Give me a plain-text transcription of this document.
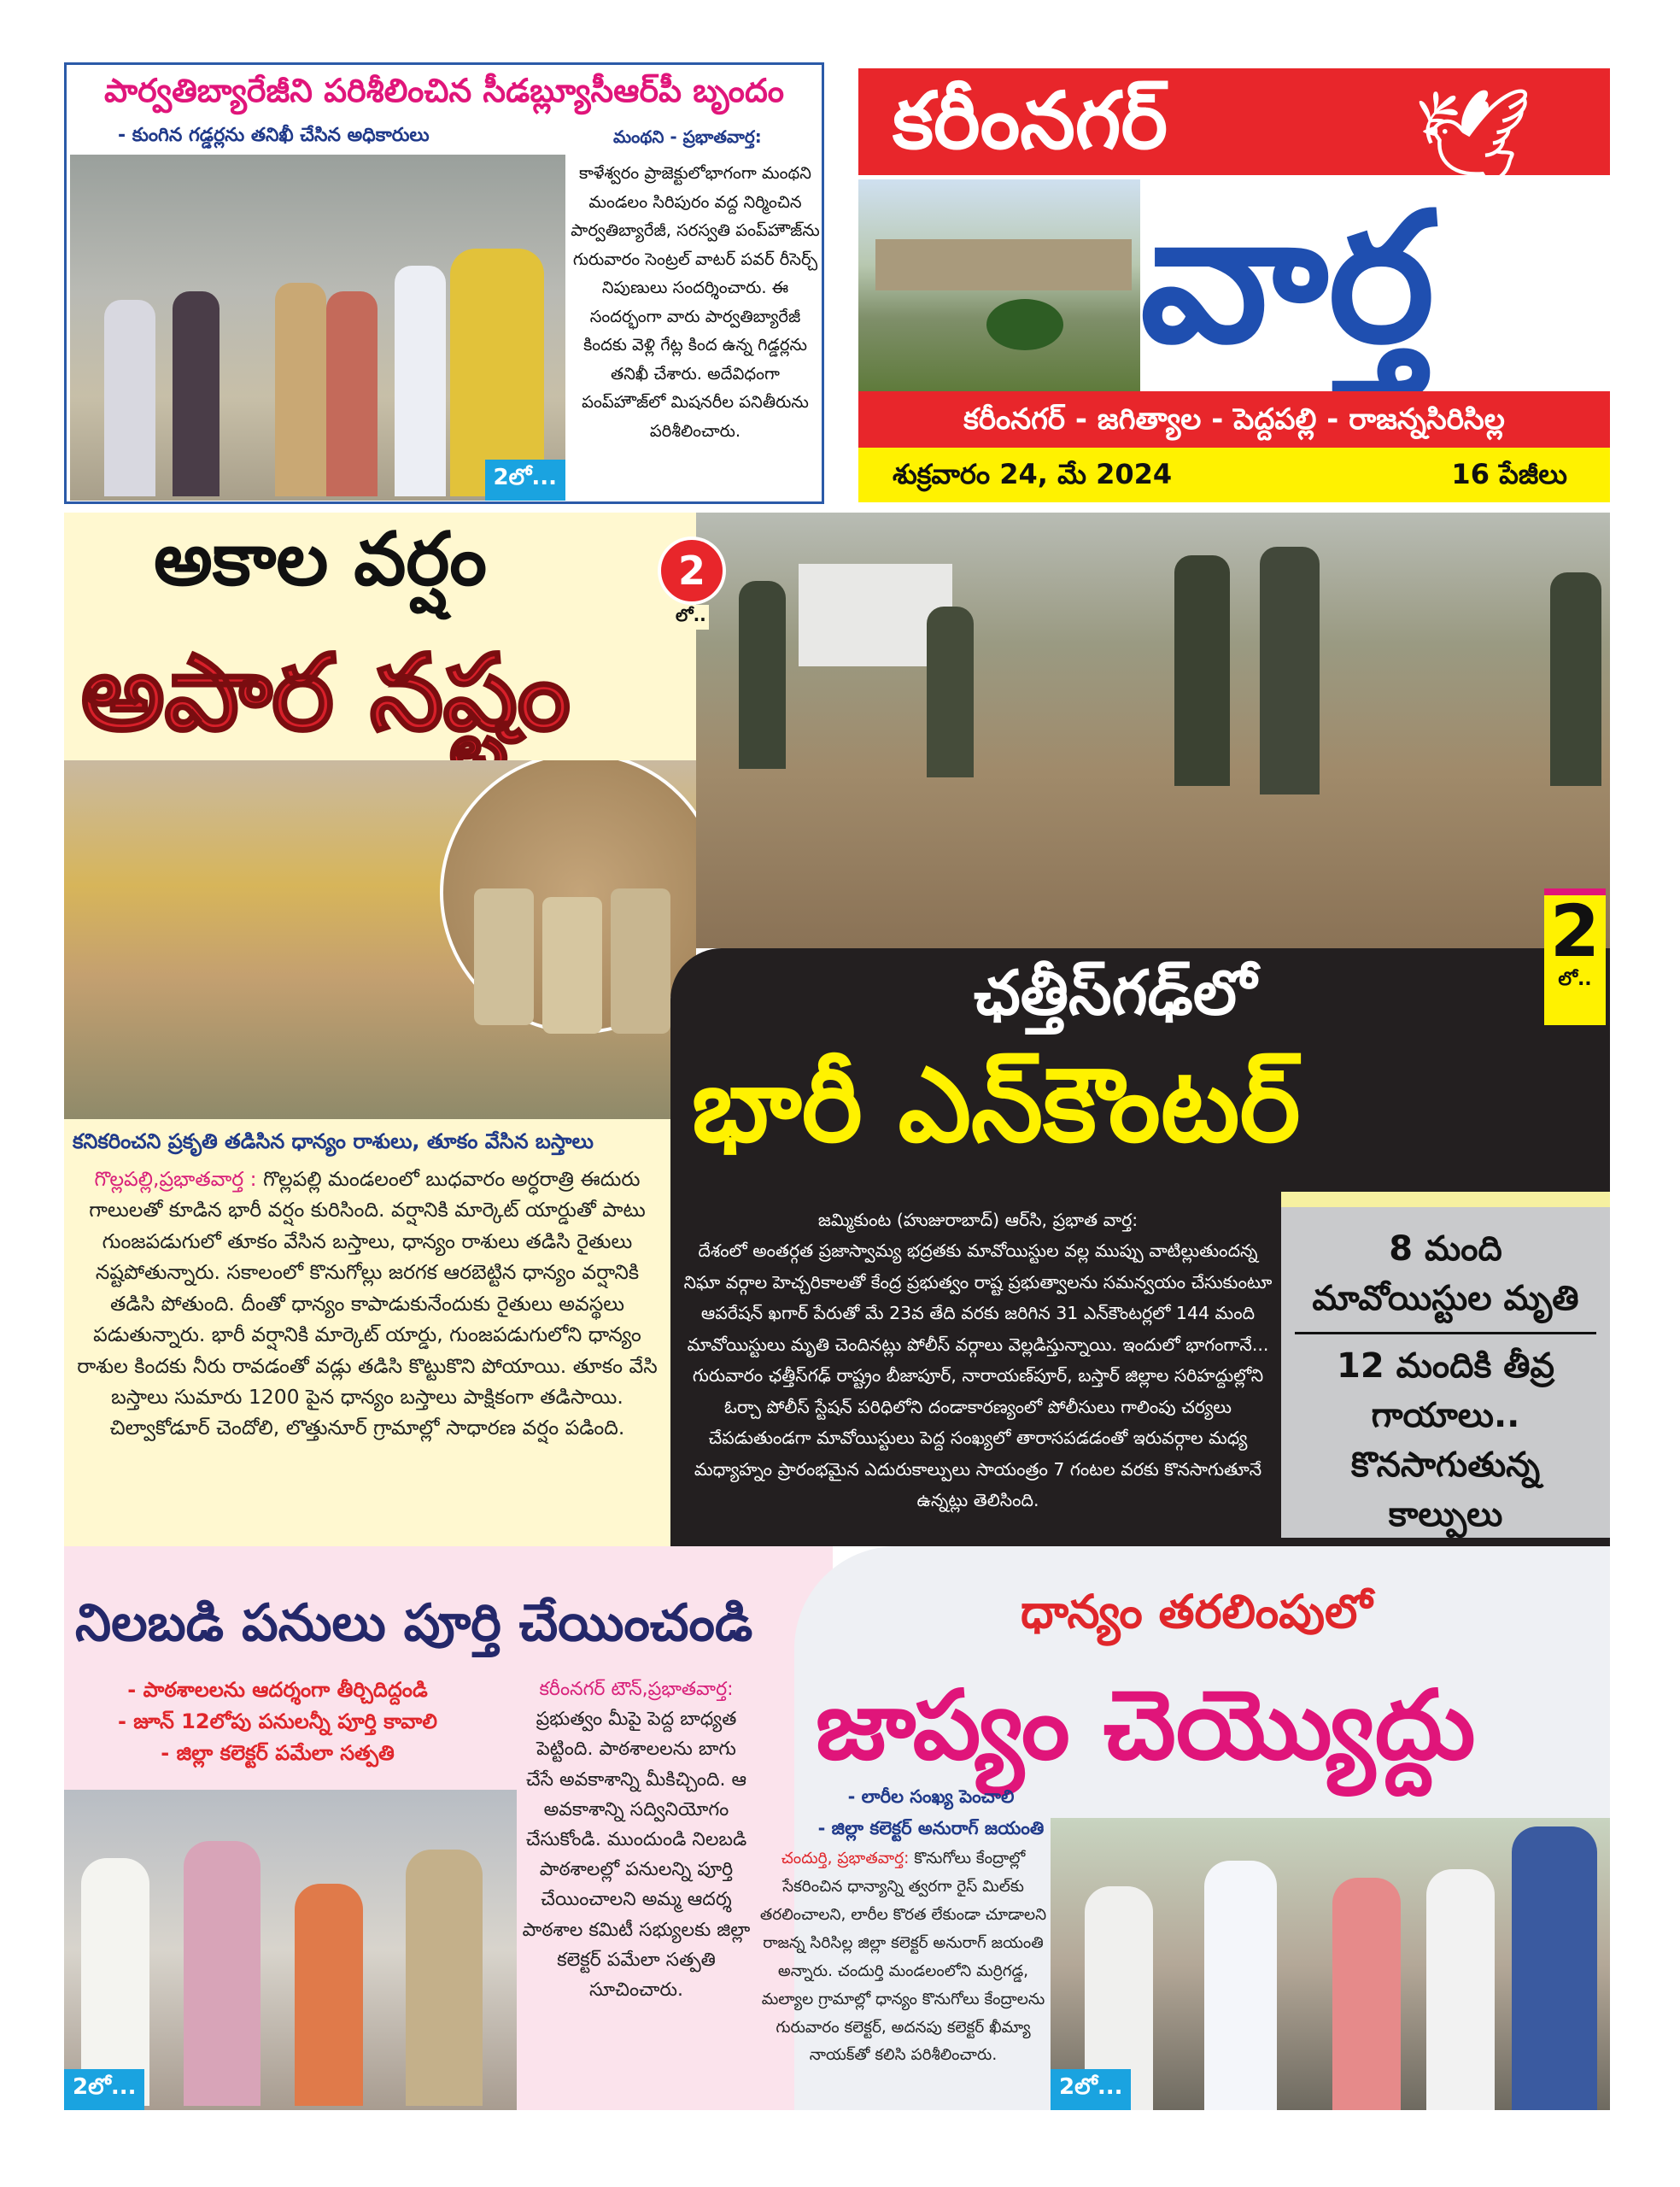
పార్వతిబ్యారేజీని పరిశీలించిన సీడబ్ల్యూసీఆర్‌పీ బృందం
- కుంగిన గడ్డర్లను తనిఖీ చేసిన అధికారులు	మంథని - ప్రభాతవార్త:
2లో...
కాళేశ్వరం ప్రాజెక్టులోభాగంగా మంథని మండలం సిరిపురం వద్ద నిర్మించిన పార్వతిబ్యారేజీ, సరస్వతి పంప్‌హౌజ్‌ను గురువారం సెంట్రల్ వాటర్ పవర్ రీసెర్చ్ నిపుణులు సందర్శించారు. ఈ సందర్భంగా వారు పార్వతిబ్యారేజీ కిందకు వెళ్లి గేట్ల కింద ఉన్న గిడ్డర్లను తనిఖీ చేశారు. అదేవిధంగా పంప్‌హౌజ్‌లో మిషనరీల పనితీరును పరిశీలించారు.
కరీంనగర్	🕊
వార్త
కరీంనగర్ - జగిత్యాల - పెద్దపల్లి - రాజన్నసిరిసిల్ల
శుక్రవారం 24, మే 2024	16 పేజీలు
అకాల వర్షం
అపార నష్టం
కనికరించని ప్రకృతి తడిసిన ధాన్యం రాశులు, తూకం వేసిన బస్తాలు
గొల్లపల్లి,ప్రభాతవార్త : గొల్లపల్లి మండలంలో బుధవారం అర్ధరాత్రి ఈదురు గాలులతో కూడిన భారీ వర్షం కురిసింది. వర్షానికి మార్కెట్ యార్డుతో పాటు గుంజపడుగులో తూకం వేసిన బస్తాలు, ధాన్యం రాశులు తడిసి రైతులు నష్టపోతున్నారు. సకాలంలో కొనుగోల్లు జరగక ఆరబెట్టిన ధాన్యం వర్షానికి తడిసి పోతుంది. దీంతో ధాన్యం కాపాడుకునేందుకు రైతులు అవస్థలు పడుతున్నారు. భారీ వర్షానికి మార్కెట్ యార్డు, గుంజపడుగులోని ధాన్యం రాశుల కిందకు నీరు రావడంతో వడ్లు తడిసి కొట్టుకొని పోయాయి. తూకం వేసి బస్తాలు సుమారు 1200 పైన ధాన్యం బస్తాలు పాక్షికంగా తడిసాయి. చిల్వాకోడూర్ చెందోలి, లొత్తునూర్ గ్రామాల్లో సాధారణ వర్షం పడింది.
ఛత్తీస్‌గఢ్‌లో
భారీ ఎన్‌కౌంటర్
జమ్మికుంట (హుజురాబాద్) ఆర్‌సి, ప్రభాత వార్త:
దేశంలో అంతర్గత ప్రజాస్వామ్య భద్రతకు మావోయిస్టుల వల్ల ముప్పు వాటిల్లుతుందన్న నిఘా వర్గాల హెచ్చరికాలతో కేంద్ర ప్రభుత్వం రాష్ట ప్రభుత్వాలను సమన్వయం చేసుకుంటూ ఆపరేషన్ ఖగార్ పేరుతో మే 23వ తేది వరకు జరిగిన 31 ఎన్‌కౌంటర్లలో 144 మంది మావోయిస్టులు మృతి చెందినట్లు పోలీస్ వర్గాలు వెల్లడిస్తున్నాయి. ఇందులో భాగంగానే... గురువారం ఛత్తీస్‌గఢ్ రాష్ట్రం బీజాపూర్, నారాయణ్‌పూర్, బస్తార్ జిల్లాల సరిహద్దుల్లోని ఓర్చా పోలీస్ స్టేషన్ పరిధిలోని దండాకారణ్యంలో పోలీసులు గాలింపు చర్యలు చేపడుతుండగా మావోయిస్టులు పెద్ద సంఖ్యలో తారాసపడడంతో ఇరువర్గాల మధ్య మధ్యాహ్నం ప్రారంభమైన ఎదురుకాల్పులు సాయంత్రం 7 గంటల వరకు కొనసాగుతూనే ఉన్నట్లు తెలిసింది.
8 మంది మావోయిస్టుల మృతి
12 మందికి తీవ్ర గాయాలు.. కొనసాగుతున్న కాల్పులు
2
లో..
2
లో..
నిలబడి పనులు పూర్తి చేయించండి
- పాఠశాలలను ఆదర్శంగా తీర్చిదిద్దండి
- జూన్ 12లోపు పనులన్నీ పూర్తి కావాలి
- జిల్లా కలెక్టర్ పమేలా సత్పతి
2లో...
కరీంనగర్ టౌన్,ప్రభాతవార్త:
ప్రభుత్వం మీపై పెద్ద బాధ్యత పెట్టింది. పాఠశాలలను బాగు చేసే అవకాశాన్ని మీకిచ్చింది. ఆ అవకాశాన్ని సద్వినియోగం చేసుకోండి. ముందుండి నిలబడి పాఠశాలల్లో పనులన్ని పూర్తి చేయించాలని అమ్మ ఆదర్శ పాఠశాల కమిటీ సభ్యులకు జిల్లా కలెక్టర్ పమేలా సత్పతి సూచించారు.
ధాన్యం తరలింపులో
జాప్యం చెయ్యొద్దు
- లారీల సంఖ్య పెంచాలి
- జిల్లా కలెక్టర్ అనురాగ్ జయంతి
చందుర్తి, ప్రభాతవార్త: కొనుగోలు కేంద్రాల్లో సేకరించిన ధాన్యాన్ని త్వరగా రైస్ మిల్‌కు తరలించాలని, లారీల కొరత లేకుండా చూడాలని రాజన్న సిరిసిల్ల జిల్లా కలెక్టర్ అనురాగ్ జయంతి అన్నారు. చందుర్తి మండలంలోని మర్రిగడ్డ, మల్యాల గ్రామాల్లో ధాన్యం కొనుగోలు కేంద్రాలను గురువారం కలెక్టర్, అదనపు కలెక్టర్ ఖీమ్యా నాయక్‌తో కలిసి పరిశీలించారు.
2లో...
